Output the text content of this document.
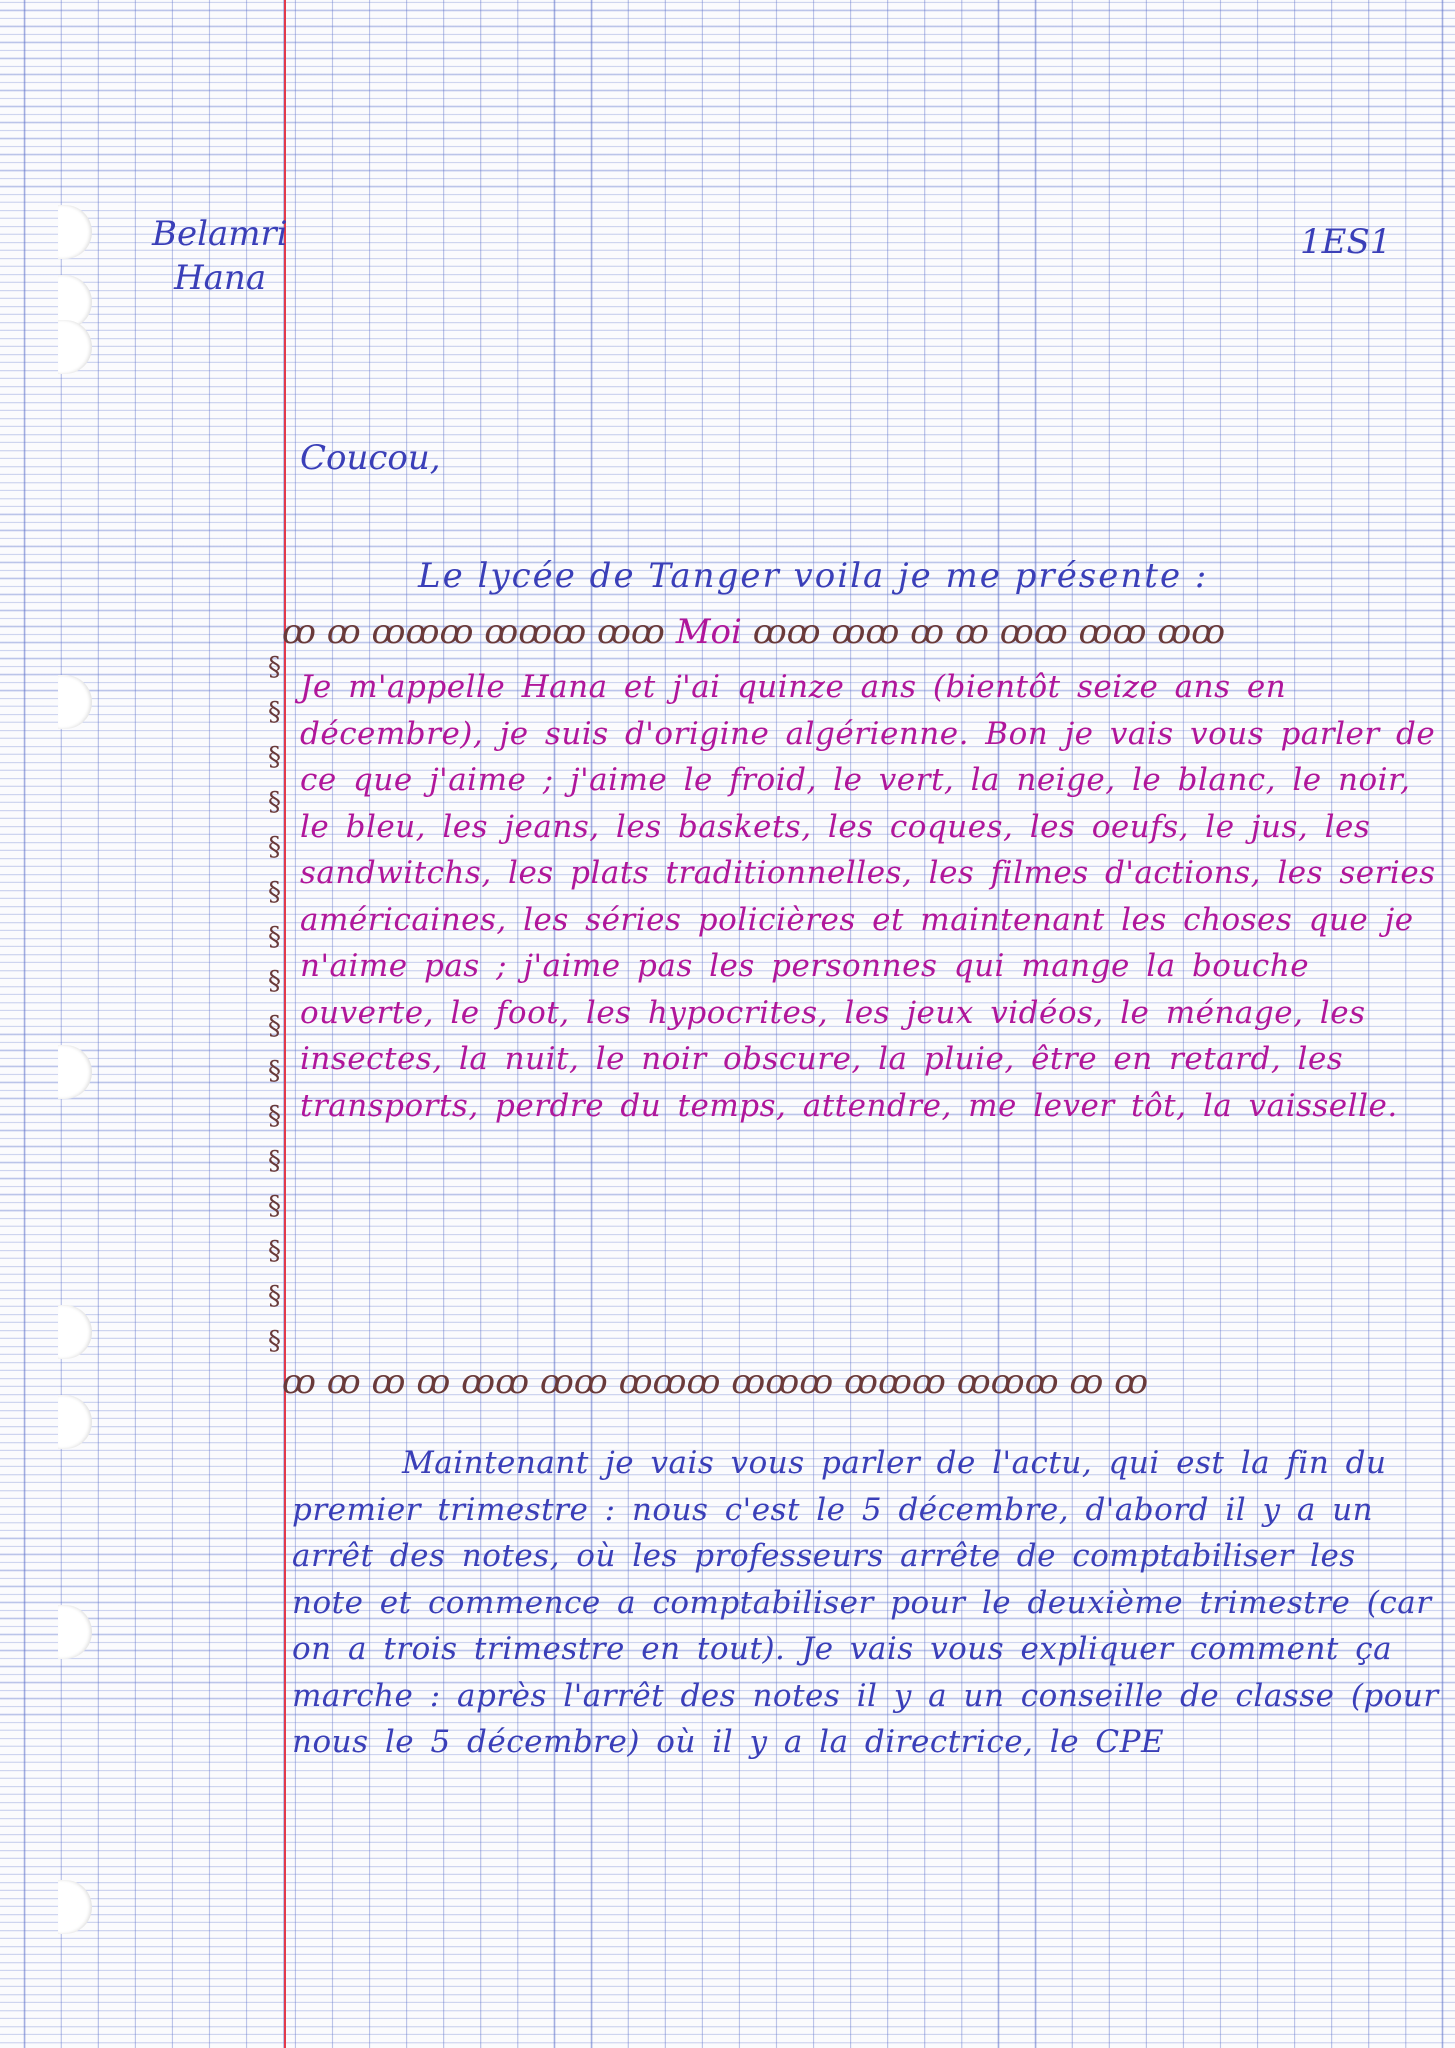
Belamri
Hana
1ES1
Coucou,
Le lycée de Tanger voila je me présente :
ꝏ ꝏ ꝏꝏꝏ ꝏꝏꝏ ꝏꝏ Moi ꝏꝏ ꝏꝏ ꝏ ꝏ ꝏꝏ ꝏꝏ ꝏꝏ
§
§
§
§
§
§
§
§
§
§
§
§
§
§
§
§
Je m'appelle Hana et j'ai quinze ans (bientôt seize ans en décembre), je suis d'origine algérienne. Bon je vais vous parler de ce que j'aime ; j'aime le froid, le vert, la neige, le blanc, le noir, le bleu, les jeans, les baskets, les coques, les oeufs, le jus, les sandwitchs, les plats traditionnelles, les filmes d'actions, les series américaines, les séries policières et maintenant les choses que je n'aime pas ; j'aime pas les personnes qui mange la bouche ouverte, le foot, les hypocrites, les jeux vidéos, le ménage, les insectes, la nuit, le noir obscure, la pluie, être en retard, les transports, perdre du temps, attendre, me lever tôt, la vaisselle.
ꝏ ꝏ ꝏ ꝏ ꝏꝏ ꝏꝏ ꝏꝏꝏ ꝏꝏꝏ ꝏꝏꝏ ꝏꝏꝏ ꝏ ꝏ
Maintenant je vais vous parler de l'actu, qui est la fin du premier trimestre : nous c'est le 5 décembre, d'abord il y a un arrêt des notes, où les professeurs arrête de comptabiliser les note et commence a comptabiliser pour le deuxième trimestre (car on a trois trimestre en tout). Je vais vous expliquer comment ça marche : après l'arrêt des notes il y a un conseille de classe (pour nous le 5 décembre) où il y a la directrice, le CPE
